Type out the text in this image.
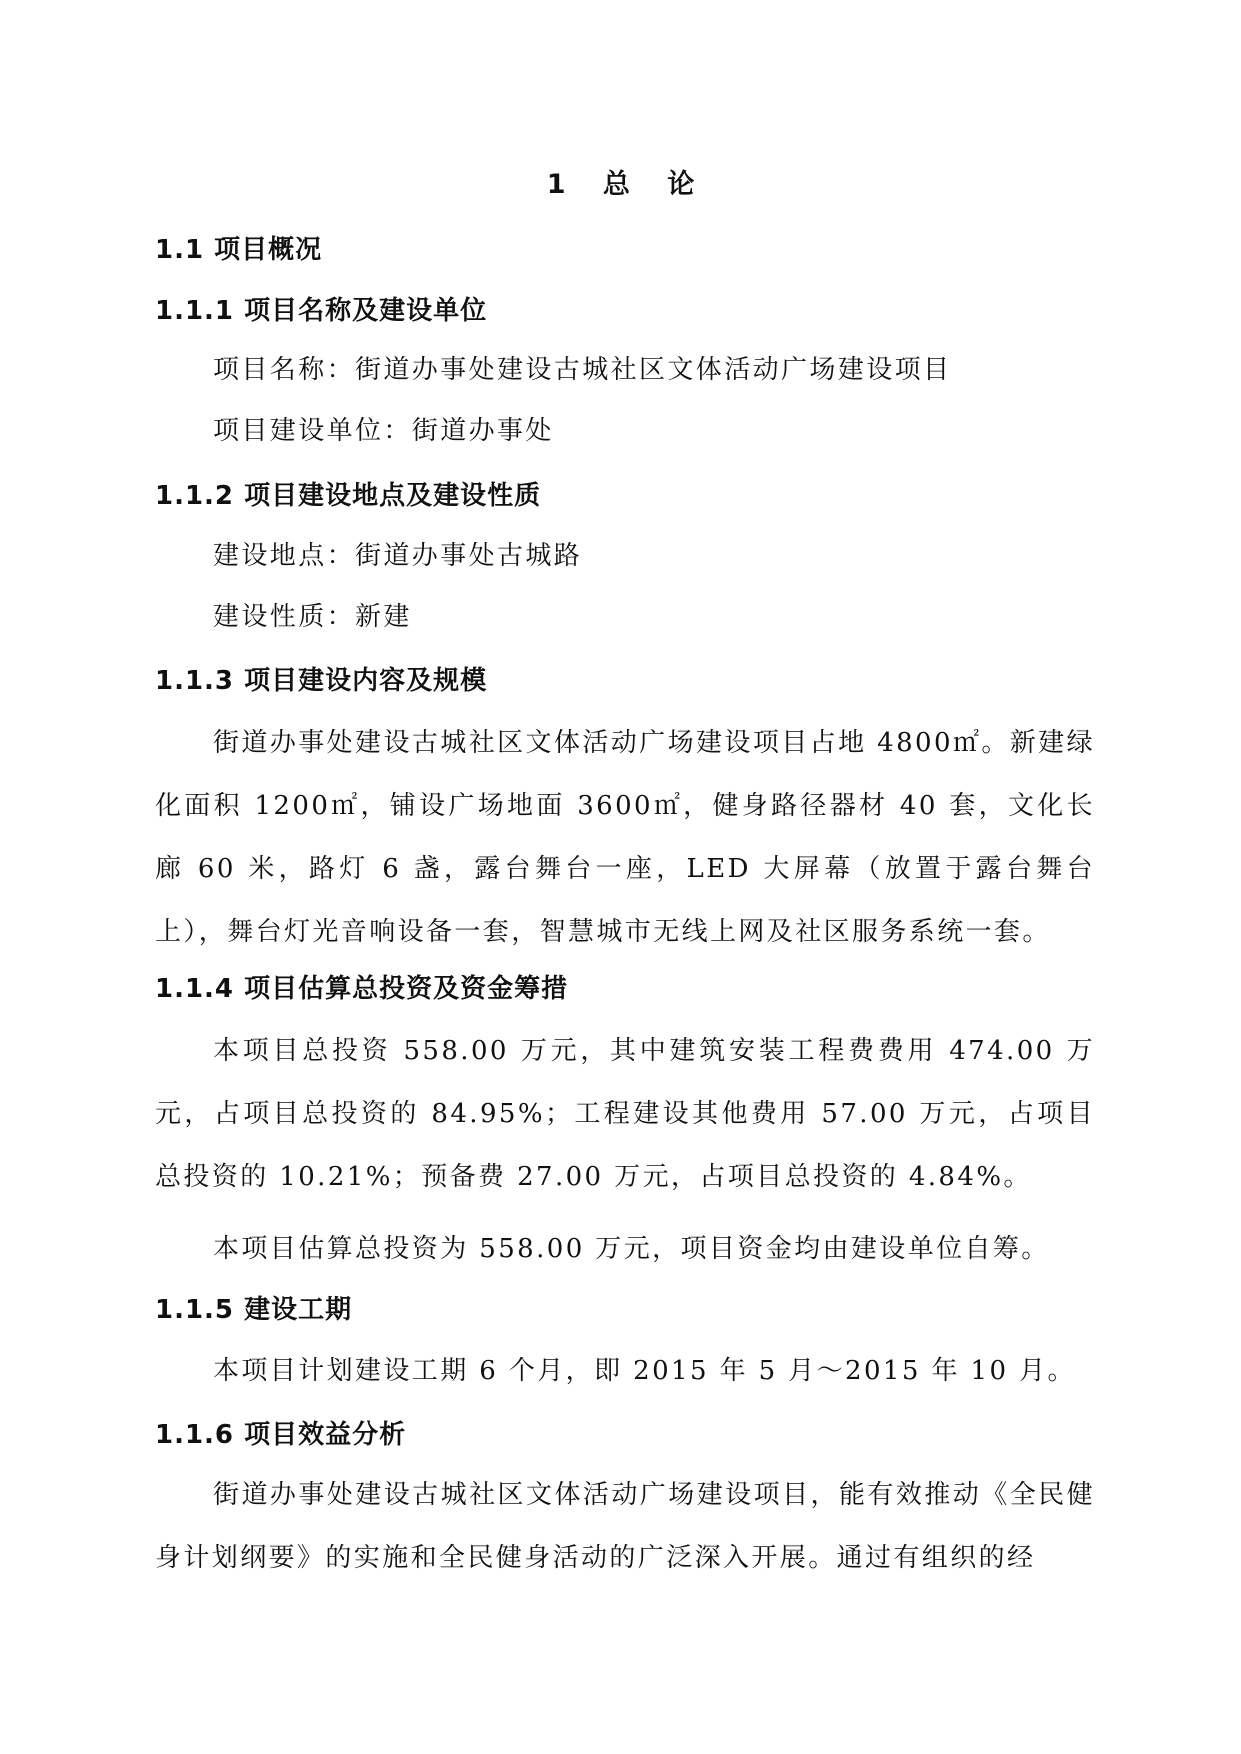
1 总 论
1.1 项目概况
1.1.1 项目名称及建设单位
项目名称：街道办事处建设古城社区文体活动广场建设项目
项目建设单位：街道办事处
1.1.2 项目建设地点及建设性质
建设地点：街道办事处古城路
建设性质：新建
1.1.3 项目建设内容及规模

街道办事处建设古城社区文体活动广场建设项目占地 4800㎡。新建绿化面积 1200㎡，铺设广场地面 3600㎡，健身路径器材 40 套，文化长廊 60 米，路灯 6 盏，露台舞台一座，LED 大屏幕（放置于露台舞台上），舞台灯光音响设备一套，智慧城市无线上网及社区服务系统一套。

1.1.4 项目估算总投资及资金筹措

本项目总投资 558.00 万元，其中建筑安装工程费费用 474.00 万元，占项目总投资的 84.95%；工程建设其他费用 57.00 万元，占项目总投资的 10.21%；预备费 27.00 万元，占项目总投资的 4.84%。

本项目估算总投资为 558.00 万元，项目资金均由建设单位自筹。
1.1.5 建设工期
本项目计划建设工期 6 个月，即 2015 年 5 月～2015 年 10 月。
1.1.6 项目效益分析

街道办事处建设古城社区文体活动广场建设项目，能有效推动《全民健身计划纲要》的实施和全民健身活动的广泛深入开展。通过有组织的经
